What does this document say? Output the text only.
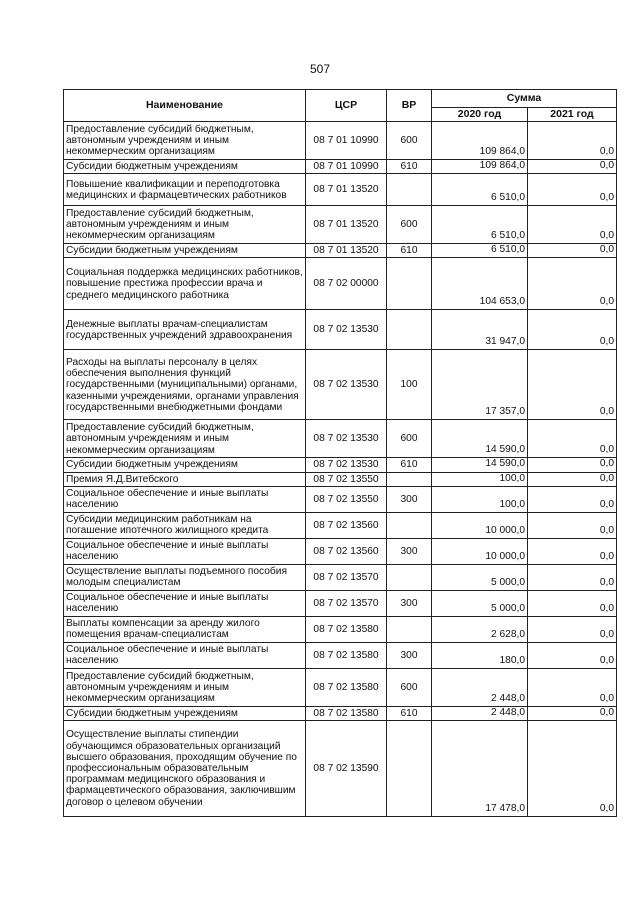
507
Наименование	ЦСР	ВР	Сумма	
			2020 год	2021 год
Предоставление субсидий бюджетным, автономным учреждениям и иным некоммерческим организациям	08 7 01 10990	600	109 864,0	0,0
Субсидии бюджетным учреждениям	08 7 01 10990	610	109 864,0	0,0
Повышение квалификации и переподготовка медицинских и фармацевтических работников	08 7 01 13520		6 510,0	0,0
Предоставление субсидий бюджетным, автономным учреждениям и иным некоммерческим организациям	08 7 01 13520	600	6 510,0	0,0
Субсидии бюджетным учреждениям	08 7 01 13520	610	6 510,0	0,0
Социальная поддержка медицинских работников, повышение престижа профессии врача и среднего медицинского работника	08 7 02 00000		104 653,0	0,0
Денежные выплаты врачам-специалистам государственных учреждений здравоохранения	08 7 02 13530		31 947,0	0,0
Расходы на выплаты персоналу в целях обеспечения выполнения функций государственными (муниципальными) органами, казенными учреждениями, органами управления государственными внебюджетными фондами	08 7 02 13530	100	17 357,0	0,0
Предоставление субсидий бюджетным, автономным учреждениям и иным некоммерческим организациям	08 7 02 13530	600	14 590,0	0,0
Субсидии бюджетным учреждениям	08 7 02 13530	610	14 590,0	0,0
Премия Я.Д.Витебского	08 7 02 13550		100,0	0,0
Социальное обеспечение и иные выплаты населению	08 7 02 13550	300	100,0	0,0
Субсидии медицинским работникам на погашение ипотечного жилищного кредита	08 7 02 13560		10 000,0	0,0
Социальное обеспечение и иные выплаты населению	08 7 02 13560	300	10 000,0	0,0
Осуществление выплаты подъемного пособия молодым специалистам	08 7 02 13570		5 000,0	0,0
Социальное обеспечение и иные выплаты населению	08 7 02 13570	300	5 000,0	0,0
Выплаты компенсации за аренду жилого помещения врачам-специалистам	08 7 02 13580		2 628,0	0,0
Социальное обеспечение и иные выплаты населению	08 7 02 13580	300	180,0	0,0
Предоставление субсидий бюджетным, автономным учреждениям и иным некоммерческим организациям	08 7 02 13580	600	2 448,0	0,0
Субсидии бюджетным учреждениям	08 7 02 13580	610	2 448,0	0,0
Осуществление выплаты стипендии обучающимся образовательных организаций высшего образования, проходящим обучение по профессиональным образовательным программам медицинского образования и фармацевтического образования, заключившим договор о целевом обучении	08 7 02 13590		17 478,0	0,0
